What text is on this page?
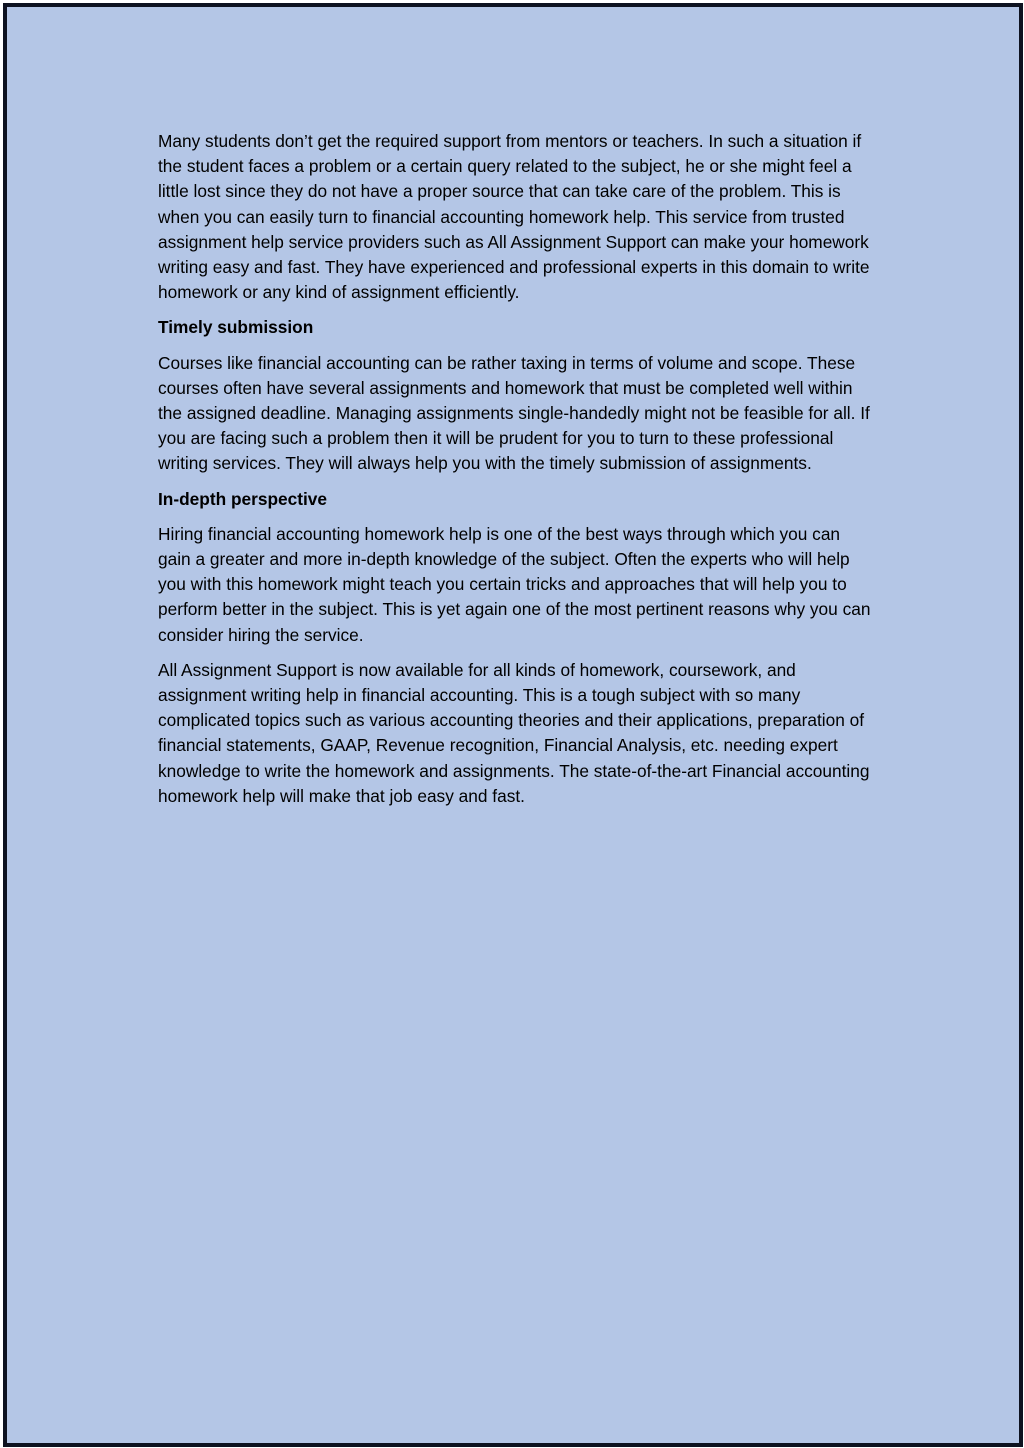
Many students don’t get the required support from mentors or teachers. In such a situation if the student faces a problem or a certain query related to the subject, he or she might feel a little lost since they do not have a proper source that can take care of the problem. This is when you can easily turn to financial accounting homework help. This service from trusted assignment help service providers such as All Assignment Support can make your homework writing easy and fast. They have experienced and professional experts in this domain to write homework or any kind of assignment efficiently.

Timely submission

Courses like financial accounting can be rather taxing in terms of volume and scope. These courses often have several assignments and homework that must be completed well within the assigned deadline. Managing assignments single-handedly might not be feasible for all. If you are facing such a problem then it will be prudent for you to turn to these professional writing services. They will always help you with the timely submission of assignments.

In-depth perspective

Hiring financial accounting homework help is one of the best ways through which you can gain a greater and more in-depth knowledge of the subject. Often the experts who will help you with this homework might teach you certain tricks and approaches that will help you to perform better in the subject. This is yet again one of the most pertinent reasons why you can consider hiring the service.

All Assignment Support is now available for all kinds of homework, coursework, and assignment writing help in financial accounting. This is a tough subject with so many complicated topics such as various accounting theories and their applications, preparation of financial statements, GAAP, Revenue recognition, Financial Analysis, etc. needing expert knowledge to write the homework and assignments. The state-of-the-art Financial accounting homework help will make that job easy and fast.
